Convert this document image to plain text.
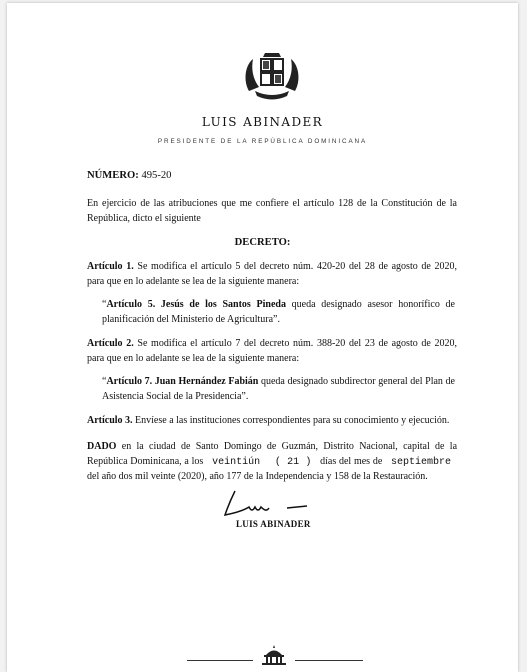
LUIS ABINADER
PRESIDENTE DE LA REPÚBLICA DOMINICANA
NÚMERO: 495-20
En ejercicio de las atribuciones que me confiere el artículo 128 de la Constitución de la República, dicto el siguiente
DECRETO:
Artículo 1. Se modifica el artículo 5 del decreto núm. 420-20 del 28 de agosto de 2020, para que en lo adelante se lea de la siguiente manera:
“Artículo 5. Jesús de los Santos Pineda queda designado asesor honorífico de planificación del Ministerio de Agricultura”.
Artículo 2. Se modifica el artículo 7 del decreto núm. 388-20 del 23 de agosto de 2020, para que en lo adelante se lea de la siguiente manera:
“Artículo 7. Juan Hernández Fabián queda designado subdirector general del Plan de Asistencia Social de la Presidencia”.
Artículo 3. Envíese a las instituciones correspondientes para su conocimiento y ejecución.
DADO en la ciudad de Santo Domingo de Guzmán, Distrito Nacional, capital de la República Dominicana, a los veintiún ( 21 ) días del mes de septiembre del año dos mil veinte (2020), año 177 de la Independencia y 158 de la Restauración.
LUIS ABINADER
